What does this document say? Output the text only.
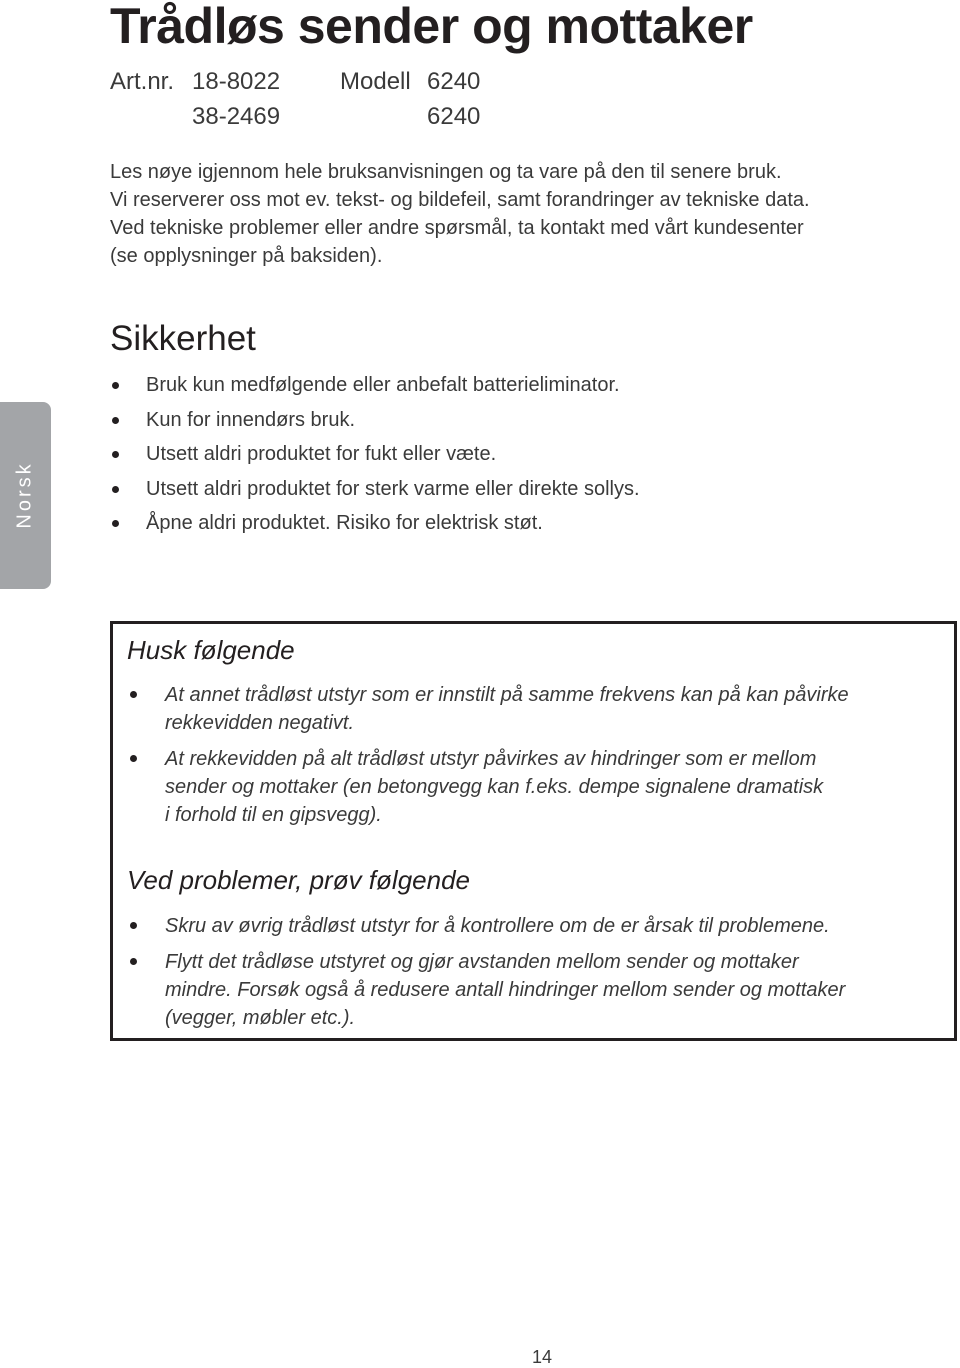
Trådløs sender og mottaker
Art.nr. 18-8022 Modell 6240
38-2469	6240
Les nøye igjennom hele bruksanvisningen og ta vare på den til senere bruk.
Vi reserverer oss mot ev. tekst- og bildefeil, samt forandringer av tekniske data.
Ved tekniske problemer eller andre spørsmål, ta kontakt med vårt kundesenter
(se opplysninger på baksiden).
Sikkerhet
Bruk kun medfølgende eller anbefalt batterieliminator.
Kun for innendørs bruk.
Utsett aldri produktet for fukt eller væte.
Utsett aldri produktet for sterk varme eller direkte sollys.
Åpne aldri produktet. Risiko for elektrisk støt.
Norsk
Husk følgende
At annet trådløst utstyr som er innstilt på samme frekvens kan på kan påvirke
rekkevidden negativt.
At rekkevidden på alt trådløst utstyr påvirkes av hindringer som er mellom
sender og mottaker (en betongvegg kan f.eks. dempe signalene dramatisk
i forhold til en gipsvegg).
Ved problemer, prøv følgende
Skru av øvrig trådløst utstyr for å kontrollere om de er årsak til problemene.
Flytt det trådløse utstyret og gjør avstanden mellom sender og mottaker
mindre. Forsøk også å redusere antall hindringer mellom sender og mottaker
(vegger, møbler etc.).
14
